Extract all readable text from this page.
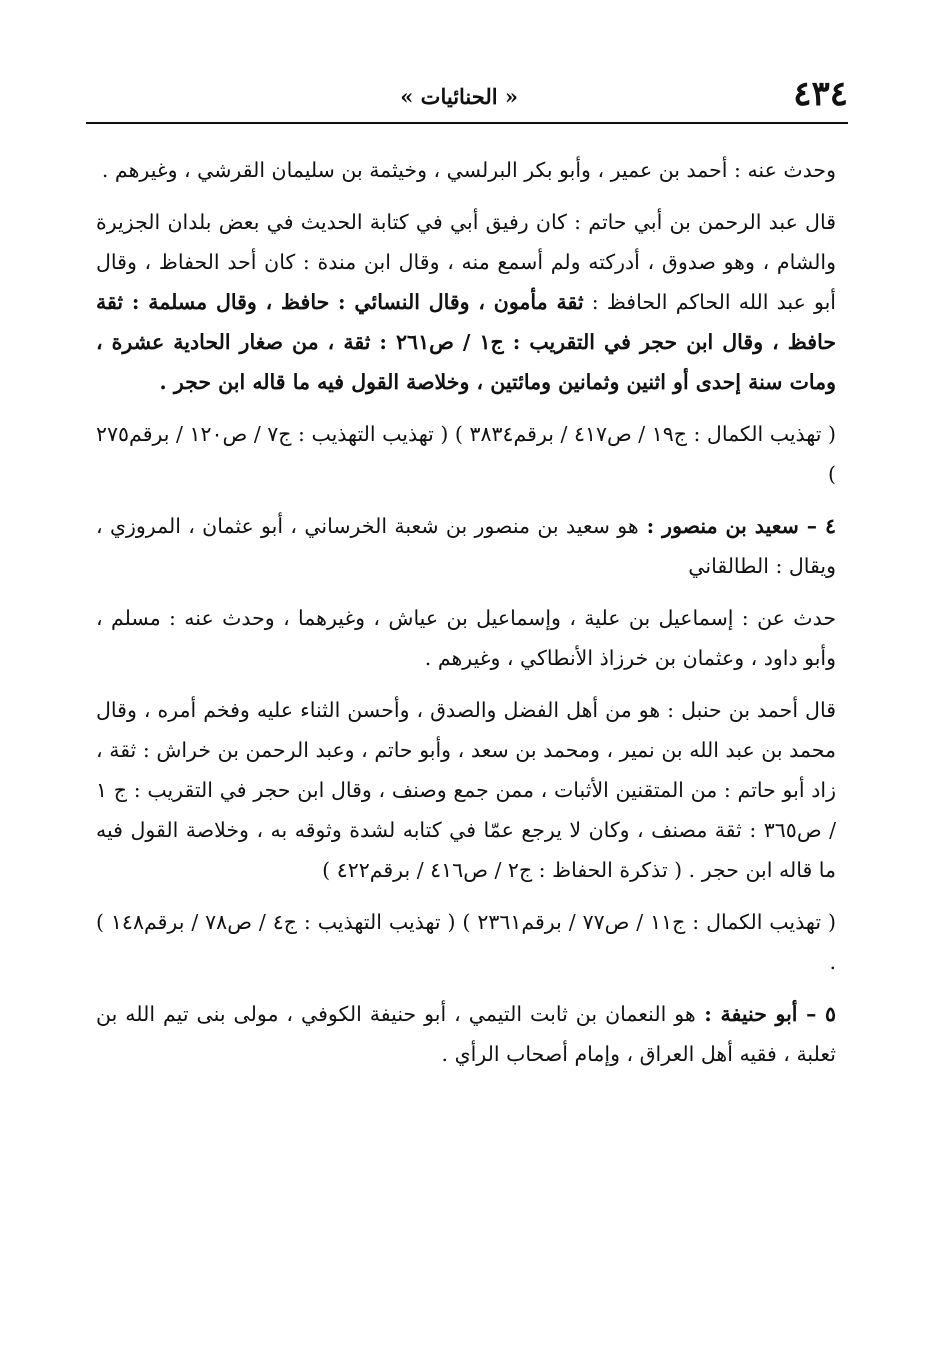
٤٣٤
« الحنائيات »

وحدث عنه : أحمد بن عمير ، وأبو بكر البرلسي ، وخيثمة بن سليمان القرشي ، وغيرهم .

قال عبد الرحمن بن أبي حاتم : كان رفيق أبي في كتابة الحديث في بعض بلدان الجزيرة والشام ، وهو صدوق ، أدركته ولم أسمع منه ، وقال ابن مندة : كان أحد الحفاظ ، وقال أبو عبد الله الحاكم الحافظ : ثقة مأمون ، وقال النسائي : حافظ ، وقال مسلمة : ثقة حافظ ، وقال ابن حجر في التقريب : ج١ / ص٢٦١ : ثقة ، من صغار الحادية عشرة ، ومات سنة إحدى أو اثنين وثمانين ومائتين ، وخلاصة القول فيه ما قاله ابن حجر .

( تهذيب الكمال : ج١٩ / ص٤١٧ / برقم٣٨٣٤ ) ( تهذيب التهذيب : ج٧ / ص١٢٠ / برقم٢٧٥ )

٤ – سعيد بن منصور : هو سعيد بن منصور بن شعبة الخرساني ، أبو عثمان ، المروزي ، ويقال : الطالقاني

حدث عن : إسماعيل بن علية ، وإسماعيل بن عياش ، وغيرهما ، وحدث عنه : مسلم ، وأبو داود ، وعثمان بن خرزاذ الأنطاكي ، وغيرهم .

قال أحمد بن حنبل : هو من أهل الفضل والصدق ، وأحسن الثناء عليه وفخم أمره ، وقال محمد بن عبد الله بن نمير ، ومحمد بن سعد ، وأبو حاتم ، وعبد الرحمن بن خراش : ثقة ، زاد أبو حاتم : من المتقنين الأثبات ، ممن جمع وصنف ، وقال ابن حجر في التقريب : ج ١ / ص٣٦٥ : ثقة مصنف ، وكان لا يرجع عمّا في كتابه لشدة وثوقه به ، وخلاصة القول فيه ما قاله ابن حجر . ( تذكرة الحفاظ : ج٢ / ص٤١٦ / برقم٤٢٢ )

( تهذيب الكمال : ج١١ / ص٧٧ / برقم٢٣٦١ ) ( تهذيب التهذيب : ج٤ / ص٧٨ / برقم١٤٨ ) .

٥ – أبو حنيفة : هو النعمان بن ثابت التيمي ، أبو حنيفة الكوفي ، مولى بنى تيم الله بن ثعلبة ، فقيه أهل العراق ، وإمام أصحاب الرأي .
